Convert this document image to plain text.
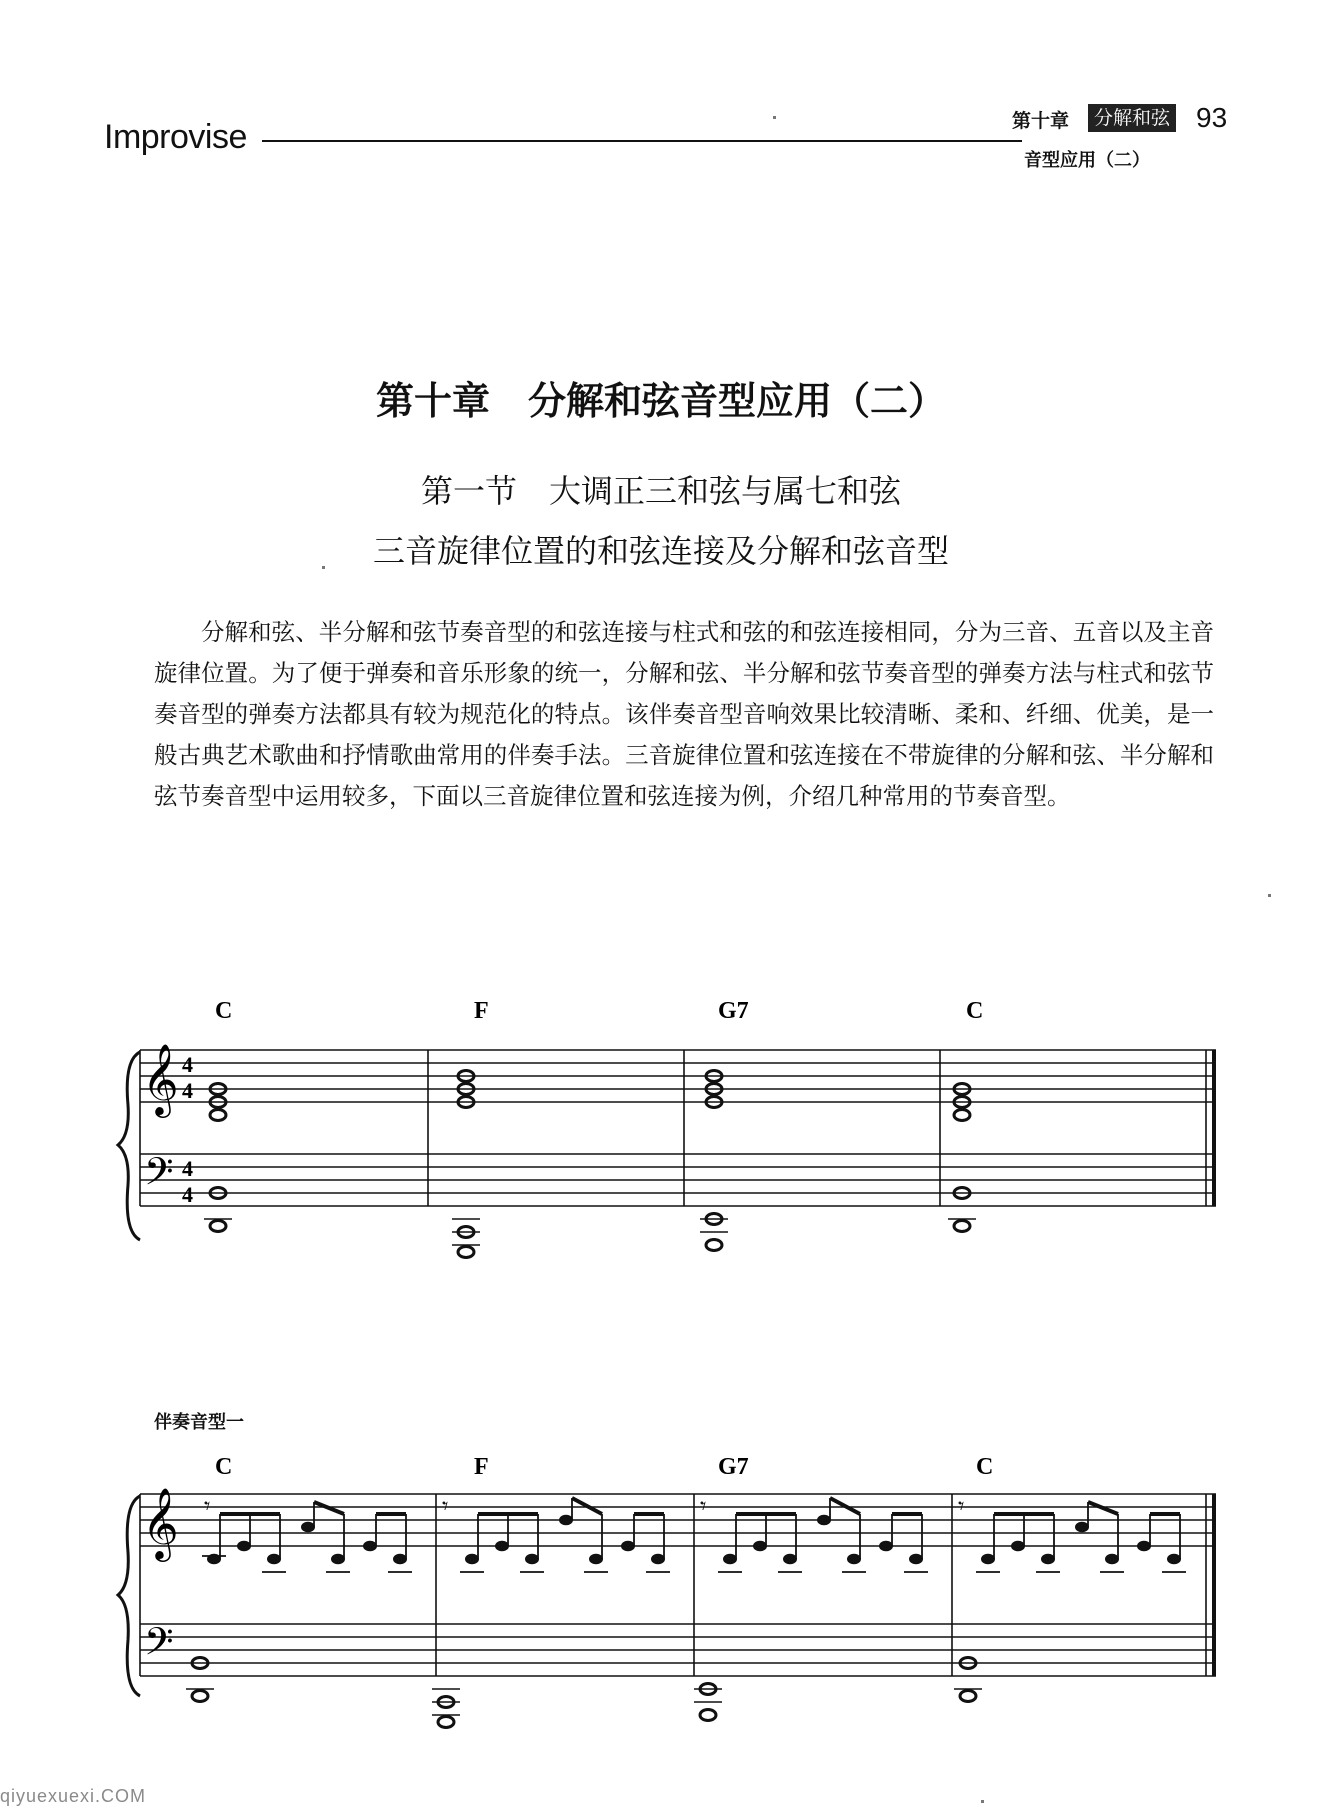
Improvise	第十章	分解和弦 93
音型应用（二）
第十章　分解和弦音型应用（二）
第一节　大调正三和弦与属七和弦
三音旋律位置的和弦连接及分解和弦音型

分解和弦、半分解和弦节奏音型的和弦连接与柱式和弦的和弦连接相同，分为三音、五音以及主音旋律位置。为了便于弹奏和音乐形象的统一，分解和弦、半分解和弦节奏音型的弹奏方法与柱式和弦节奏音型的弹奏方法都具有较为规范化的特点。该伴奏音型音响效果比较清晰、柔和、纤细、优美，是一般古典艺术歌曲和抒情歌曲常用的伴奏手法。三音旋律位置和弦连接在不带旋律的分解和弦、半分解和弦节奏音型中运用较多，下面以三音旋律位置和弦连接为例，介绍几种常用的节奏音型。

C	F	G7	C
𝄞
𝄢
4
4
4
4
伴奏音型一
C	F	G7	C
𝄞
𝄢
𝄾	𝄾	𝄾	𝄾
qiyuexuexi.COM
